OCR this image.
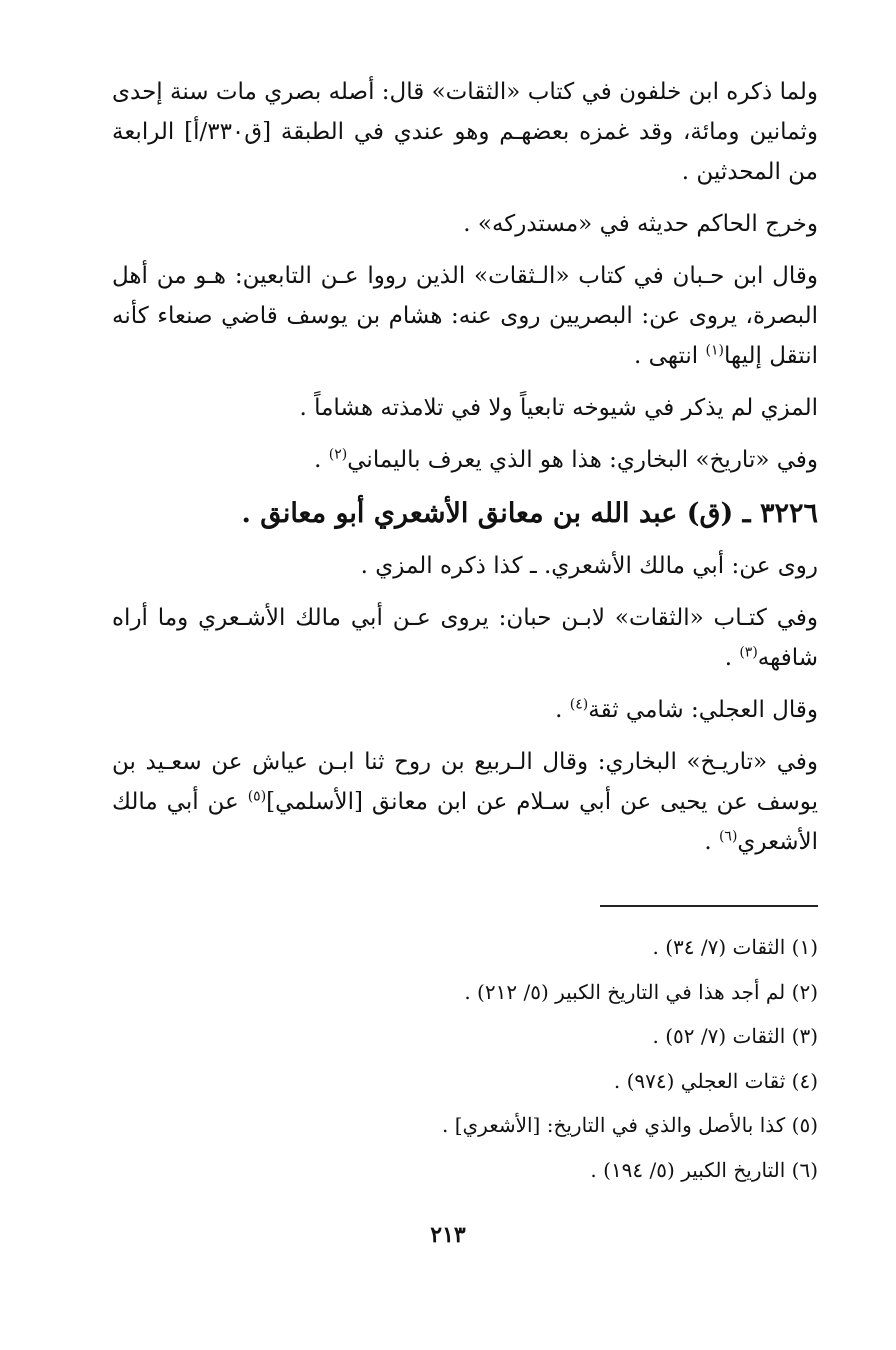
ولما ذكره ابن خلفون في كتاب «الثقات» قال: أصله بصري مات سنة إحدى وثمانين ومائة، وقد غمزه بعضهـم وهو عندي في الطبقة [ق٣٣٠/أ] الرابعة من المحدثين .

وخرج الحاكم حديثه في «مستدركه» .

وقال ابن حـبان في كتاب «الـثقات» الذين رووا عـن التابعين: هـو من أهل البصرة، يروى عن: البصريين روى عنه: هشام بن يوسف قاضي صنعاء كأنه انتقل إليها$^{(١)}$ انتهى .

المزي لم يذكر في شيوخه تابعياً ولا في تلامذته هشاماً .

وفي «تاريخ» البخاري: هذا هو الذي يعرف باليماني$^{(٢)}$ .

٣٢٢٦ ـ (ق) عبد الله بن معانق الأشعري أبو معانق .

روى عن: أبي مالك الأشعري. ـ كذا ذكره المزي .

وفي كتـاب «الثقات» لابـن حبان: يروى عـن أبي مالك الأشـعري وما أراه شافهه$^{(٣)}$ .

وقال العجلي: شامي ثقة$^{(٤)}$ .

وفي «تاريـخ» البخاري: وقال الـربيع بن روح ثنا ابـن عياش عن سعـيد بن يوسف عن يحيى عن أبي سـلام عن ابن معانق [الأسلمي]$^{(٥)}$ عن أبي مالك الأشعري$^{(٦)}$ .

(١) الثقات (٧/ ٣٤) .

(٢) لم أجد هذا في التاريخ الكبير (٥/ ٢١٢) .

(٣) الثقات (٧/ ٥٢) .

(٤) ثقات العجلي (٩٧٤) .

(٥) كذا بالأصل والذي في التاريخ: [الأشعري] .

(٦) التاريخ الكبير (٥/ ١٩٤) .

٢١٣
